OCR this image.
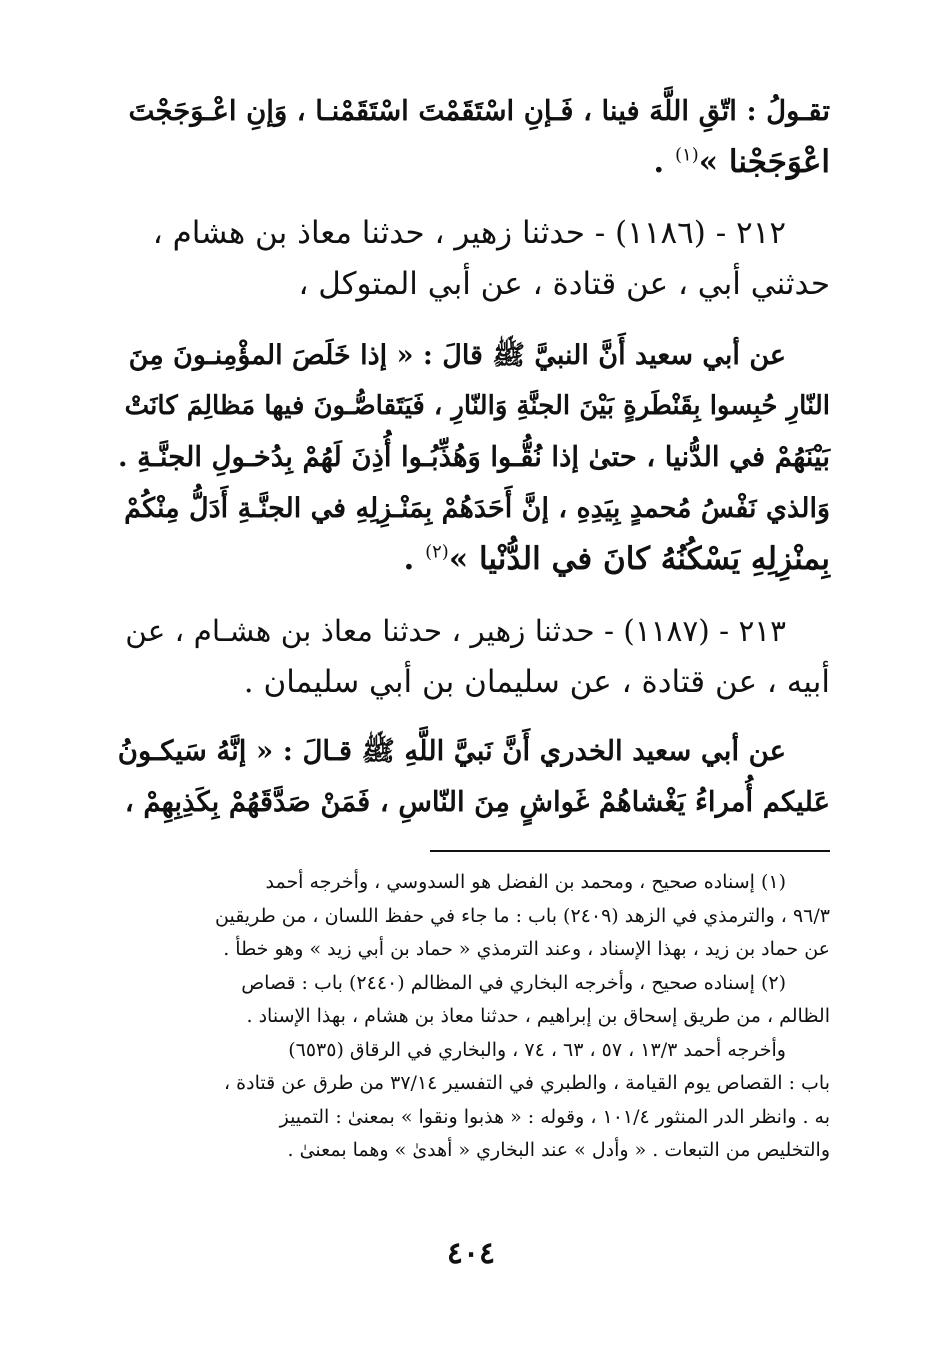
تقـولُ : اتّقِ اللَّهَ فينا ، فَـإنِ اسْتَقَمْتَ اسْتَقَمْنـا ، وَإنِ اعْـوَجَجْتَ
اعْوَجَجْنا »$^{(١)}$ .
٢١٢ - (١١٨٦) - حدثنا زهير ، حدثنا معاذ بن هشام ،
حدثني أبي ، عن قتادة ، عن أبي المتوكل ،
عن أبي سعيد أَنَّ النبيَّ ﷺ قالَ : « إذا خَلَصَ المؤْمِنـونَ مِنَ
النّارِ حُبِسوا بِقَنْطَرةٍ بَيْنَ الجنَّةِ وَالنّارِ ، فَيَتَقاصُّـونَ فيها مَظالِمَ كانَتْ
بَيْنَهُمْ في الدُّنيا ، حتىٰ إذا نُقُّـوا وَهُذِّبُـوا أُذِنَ لَهُمْ بِدُخـولِ الجنَّـةِ .
وَالذي نَفْسُ مُحمدٍ بِيَدِهِ ، إنَّ أَحَدَهُمْ بِمَنْـزِلِهِ في الجنَّـةِ أَدَلُّ مِنْكُمْ
بِمنْزِلِهِ يَسْكُنُهُ كانَ في الدُّنْيا »$^{(٢)}$ .
٢١٣ - (١١٨٧) - حدثنا زهير ، حدثنا معاذ بن هشـام ، عن
أبيه ، عن قتادة ، عن سليمان بن أبي سليمان .
عن أبي سعيد الخدري أَنَّ نَبيَّ اللَّهِ ﷺ قـالَ : « إنَّهُ سَيكـونُ
عَليكم أُمراءُ يَغْشاهُمْ غَواشٍ مِنَ النّاسِ ، فَمَنْ صَدَّقَهُمْ بِكَذِبِهِمْ ،
(١) إسناده صحيح ، ومحمد بن الفضل هو السدوسي ، وأخرجه أحمد
٩٦/٣ ، والترمذي في الزهد (٢٤٠٩) باب : ما جاء في حفظ اللسان ، من طريقين
عن حماد بن زيد ، بهذا الإسناد ، وعند الترمذي « حماد بن أبي زيد » وهو خطأ .
(٢) إسناده صحيح ، وأخرجه البخاري في المظالم (٢٤٤٠) باب : قصاص
الظالم ، من طريق إسحاق بن إبراهيم ، حدثنا معاذ بن هشام ، بهذا الإسناد .
وأخرجه أحمد ١٣/٣ ، ٥٧ ، ٦٣ ، ٧٤ ، والبخاري في الرقاق (٦٥٣٥)
باب : القصاص يوم القيامة ، والطبري في التفسير ٣٧/١٤ من طرق عن قتادة ،
به . وانظر الدر المنثور ١٠١/٤ ، وقوله : « هذبوا ونقوا » بمعنىٰ : التمييز
والتخليص من التبعات . « وأدل » عند البخاري « أهدىٰ » وهما بمعنىٰ .
٤٠٤
